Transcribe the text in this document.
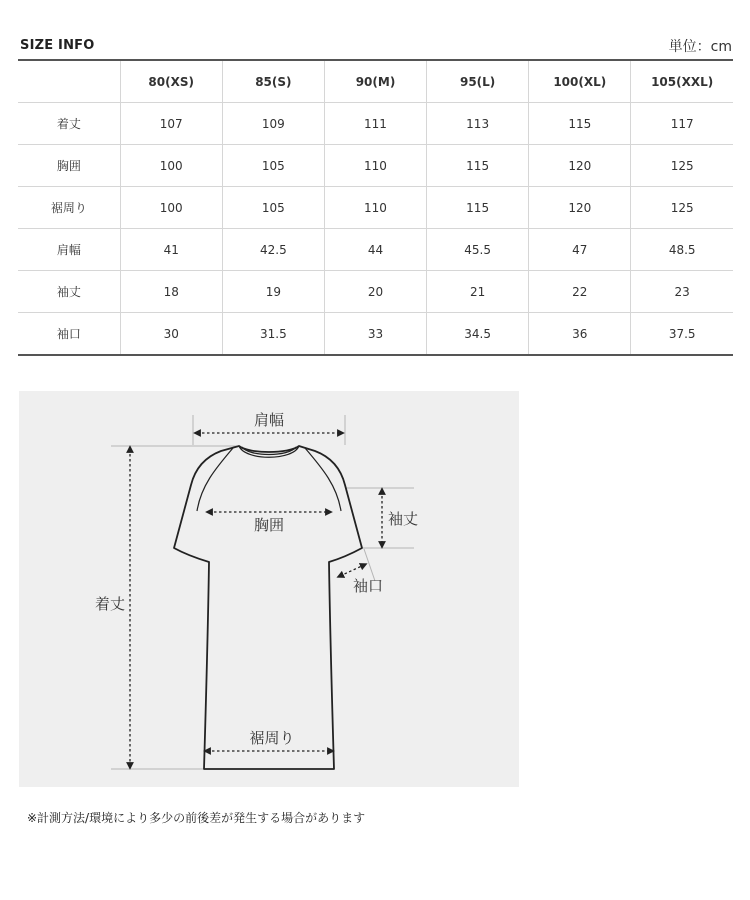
SIZE INFO	単位：cm
	80(XS)	85(S)	90(M)	95(L)	100(XL)	105(XXL)
着丈	107	109	111	113	115	117
胸囲	100	105	110	115	120	125
裾周り	100	105	110	115	120	125
肩幅	41	42.5	44	45.5	47	48.5
袖丈	18	19	20	21	22	23
袖口	30	31.5	33	34.5	36	37.5
肩幅
胸囲	袖丈
袖口
着丈
裾周り
※計測方法/環境により多少の前後差が発生する場合があります
